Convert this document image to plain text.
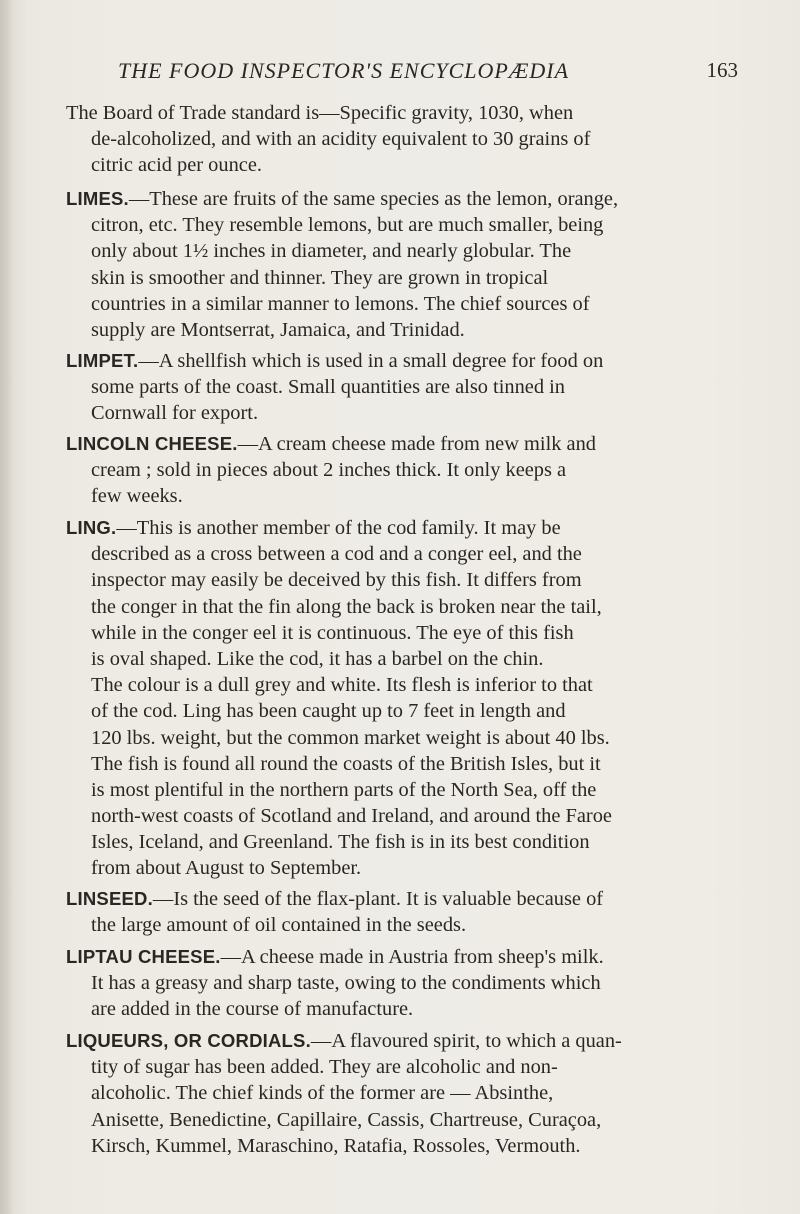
THE FOOD INSPECTOR'S ENCYCLOPÆDIA	163
The Board of Trade standard is—Specific gravity, 1030, when
de-alcoholized, and with an acidity equivalent to 30 grains of
citric acid per ounce.
LIMES.—These are fruits of the same species as the lemon, orange,
citron, etc. They resemble lemons, but are much smaller, being
only about 1½ inches in diameter, and nearly globular. The
skin is smoother and thinner. They are grown in tropical
countries in a similar manner to lemons. The chief sources of
supply are Montserrat, Jamaica, and Trinidad.
LIMPET.—A shellfish which is used in a small degree for food on
some parts of the coast. Small quantities are also tinned in
Cornwall for export.
LINCOLN CHEESE.—A cream cheese made from new milk and
cream ; sold in pieces about 2 inches thick. It only keeps a
few weeks.
LING.—This is another member of the cod family. It may be
described as a cross between a cod and a conger eel, and the
inspector may easily be deceived by this fish. It differs from
the conger in that the fin along the back is broken near the tail,
while in the conger eel it is continuous. The eye of this fish
is oval shaped. Like the cod, it has a barbel on the chin.
The colour is a dull grey and white. Its flesh is inferior to that
of the cod. Ling has been caught up to 7 feet in length and
120 lbs. weight, but the common market weight is about 40 lbs.
The fish is found all round the coasts of the British Isles, but it
is most plentiful in the northern parts of the North Sea, off the
north-west coasts of Scotland and Ireland, and around the Faroe
Isles, Iceland, and Greenland. The fish is in its best condition
from about August to September.
LINSEED.—Is the seed of the flax-plant. It is valuable because of
the large amount of oil contained in the seeds.
LIPTAU CHEESE.—A cheese made in Austria from sheep's milk.
It has a greasy and sharp taste, owing to the condiments which
are added in the course of manufacture.
LIQUEURS, OR CORDIALS.—A flavoured spirit, to which a quan-
tity of sugar has been added. They are alcoholic and non-
alcoholic. The chief kinds of the former are — Absinthe,
Anisette, Benedictine, Capillaire, Cassis, Chartreuse, Curaçoa,
Kirsch, Kummel, Maraschino, Ratafia, Rossoles, Vermouth.
